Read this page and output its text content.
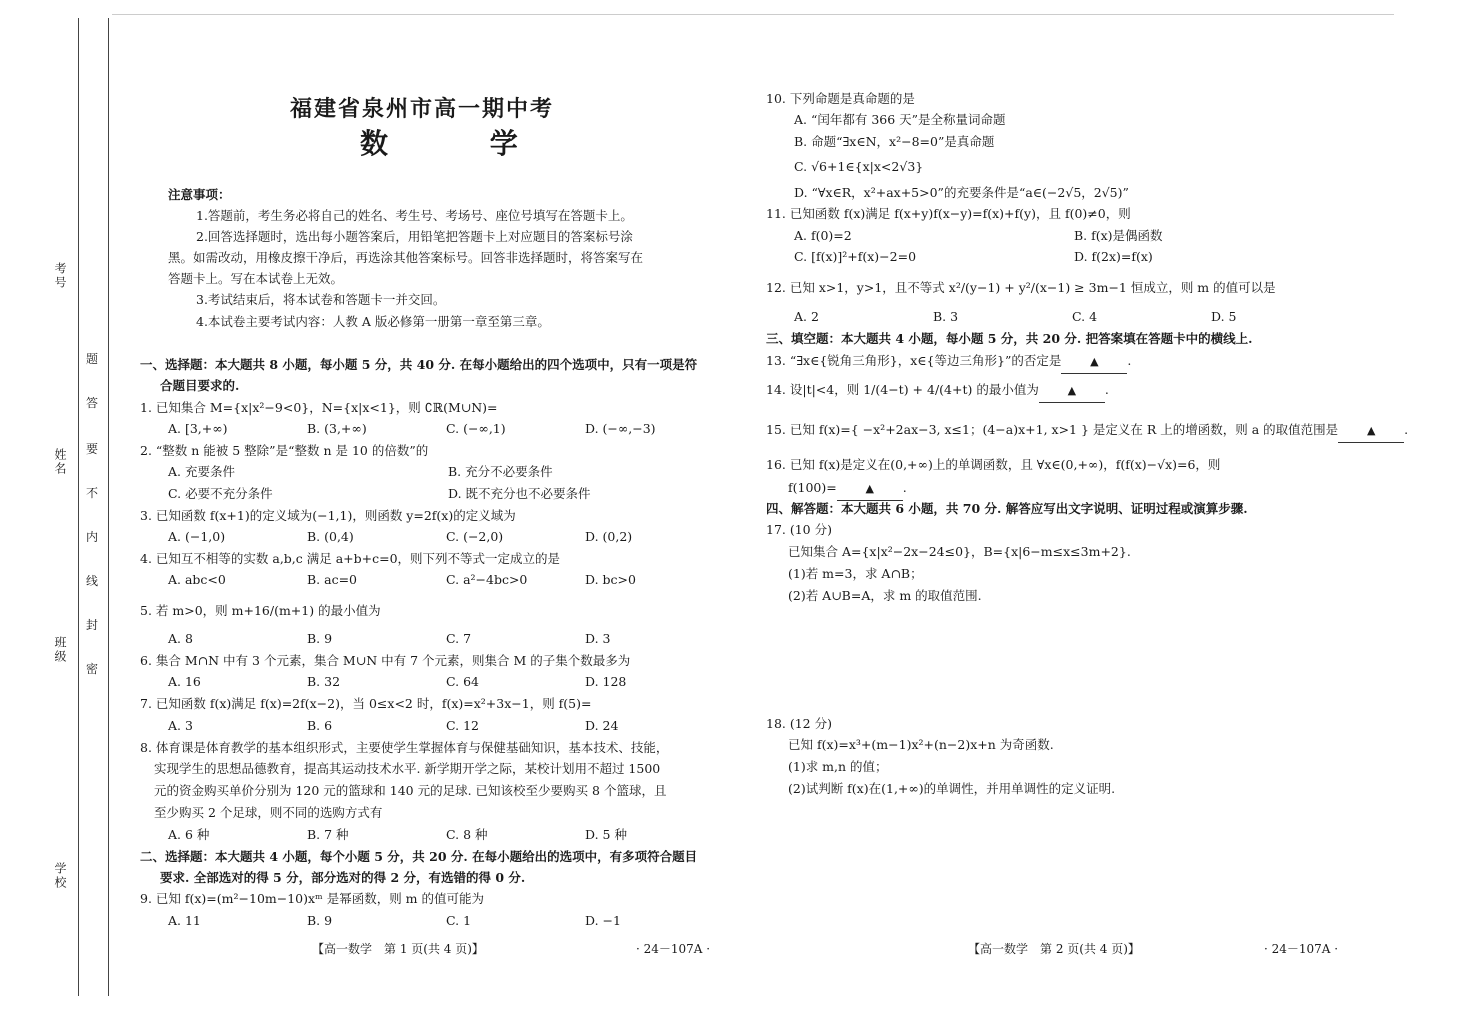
考号
姓名
班级
学校
题
答
要
不
内
线
封
密
福建省泉州市高一期中考
数 学
注意事项：
1.答题前，考生务必将自己的姓名、考生号、考场号、座位号填写在答题卡上。
2.回答选择题时，选出每小题答案后，用铅笔把答题卡上对应题目的答案标号涂
黑。如需改动，用橡皮擦干净后，再选涂其他答案标号。回答非选择题时，将答案写在
答题卡上。写在本试卷上无效。
3.考试结束后，将本试卷和答题卡一并交回。
4.本试卷主要考试内容：人教 A 版必修第一册第一章至第三章。
一、选择题：本大题共 8 小题，每小题 5 分，共 40 分. 在每小题给出的四个选项中，只有一项是符
合题目要求的.
1. 已知集合 M={x|x²−9<0}，N={x|x<1}，则 ∁ℝ(M∪N)=
A. [3,+∞)	B. (3,+∞)	C. (−∞,1)	D. (−∞,−3)
2. “整数 n 能被 5 整除”是“整数 n 是 10 的倍数”的
A. 充要条件	B. 充分不必要条件
C. 必要不充分条件	D. 既不充分也不必要条件
3. 已知函数 f(x+1)的定义域为(−1,1)，则函数 y=2f(x)的定义域为
A. (−1,0)	B. (0,4)	C. (−2,0)	D. (0,2)
4. 已知互不相等的实数 a,b,c 满足 a+b+c=0，则下列不等式一定成立的是
A. abc<0	B. ac=0	C. a²−4bc>0	D. bc>0
5. 若 m>0，则 m+16/(m+1) 的最小值为
A. 8	B. 9	C. 7	D. 3
6. 集合 M∩N 中有 3 个元素，集合 M∪N 中有 7 个元素，则集合 M 的子集个数最多为
A. 16	B. 32	C. 64	D. 128
7. 已知函数 f(x)满足 f(x)=2f(x−2)，当 0≤x<2 时，f(x)=x²+3x−1，则 f(5)=
A. 3	B. 6	C. 12	D. 24
8. 体育课是体育教学的基本组织形式，主要使学生掌握体育与保健基础知识，基本技术、技能，
实现学生的思想品德教育，提高其运动技术水平. 新学期开学之际，某校计划用不超过 1500
元的资金购买单价分别为 120 元的篮球和 140 元的足球. 已知该校至少要购买 8 个篮球，且
至少购买 2 个足球，则不同的选购方式有
A. 6 种	B. 7 种	C. 8 种	D. 5 种
二、选择题：本大题共 4 小题，每个小题 5 分，共 20 分. 在每小题给出的选项中，有多项符合题目
要求. 全部选对的得 5 分，部分选对的得 2 分，有选错的得 0 分.
9. 已知 f(x)=(m²−10m−10)xᵐ 是幂函数，则 m 的值可能为
A. 11	B. 9	C. 1	D. −1
【高一数学　第 1 页(共 4 页)】	· 24－107A ·
10. 下列命题是真命题的是
A. “闰年都有 366 天”是全称量词命题
B. 命题“∃x∈N，x²−8=0”是真命题
C. √6+1∈{x|x<2√3}
D. “∀x∈R，x²+ax+5>0”的充要条件是“a∈(−2√5，2√5)”
11. 已知函数 f(x)满足 f(x+y)f(x−y)=f(x)+f(y)，且 f(0)≠0，则
A. f(0)=2	B. f(x)是偶函数
C. [f(x)]²+f(x)−2=0	D. f(2x)=f(x)
12. 已知 x>1，y>1，且不等式 x²/(y−1) + y²/(x−1) ≥ 3m−1 恒成立，则 m 的值可以是
A. 2	B. 3	C. 4	D. 5
三、填空题：本大题共 4 小题，每小题 5 分，共 20 分. 把答案填在答题卡中的横线上.
13. “∃x∈{锐角三角形}，x∈{等边三角形}”的否定是	▲ .
14. 设|t|<4，则 1/(4−t) + 4/(4+t) 的最小值为	▲ .
15. 已知 f(x)={ −x²+2ax−3, x≤1；(4−a)x+1, x>1 } 是定义在 R 上的增函数，则 a 的取值范围是	▲ .
16. 已知 f(x)是定义在(0,+∞)上的单调函数，且 ∀x∈(0,+∞)，f(f(x)−√x)=6，则
f(100)=	▲ .
四、解答题：本大题共 6 小题，共 70 分. 解答应写出文字说明、证明过程或演算步骤.
17. (10 分)
已知集合 A={x|x²−2x−24≤0}，B={x|6−m≤x≤3m+2}.
(1)若 m=3，求 A∩B；
(2)若 A∪B=A，求 m 的取值范围.
18. (12 分)
已知 f(x)=x³+(m−1)x²+(n−2)x+n 为奇函数.
(1)求 m,n 的值；
(2)试判断 f(x)在(1,+∞)的单调性，并用单调性的定义证明.
【高一数学　第 2 页(共 4 页)】	· 24－107A ·
